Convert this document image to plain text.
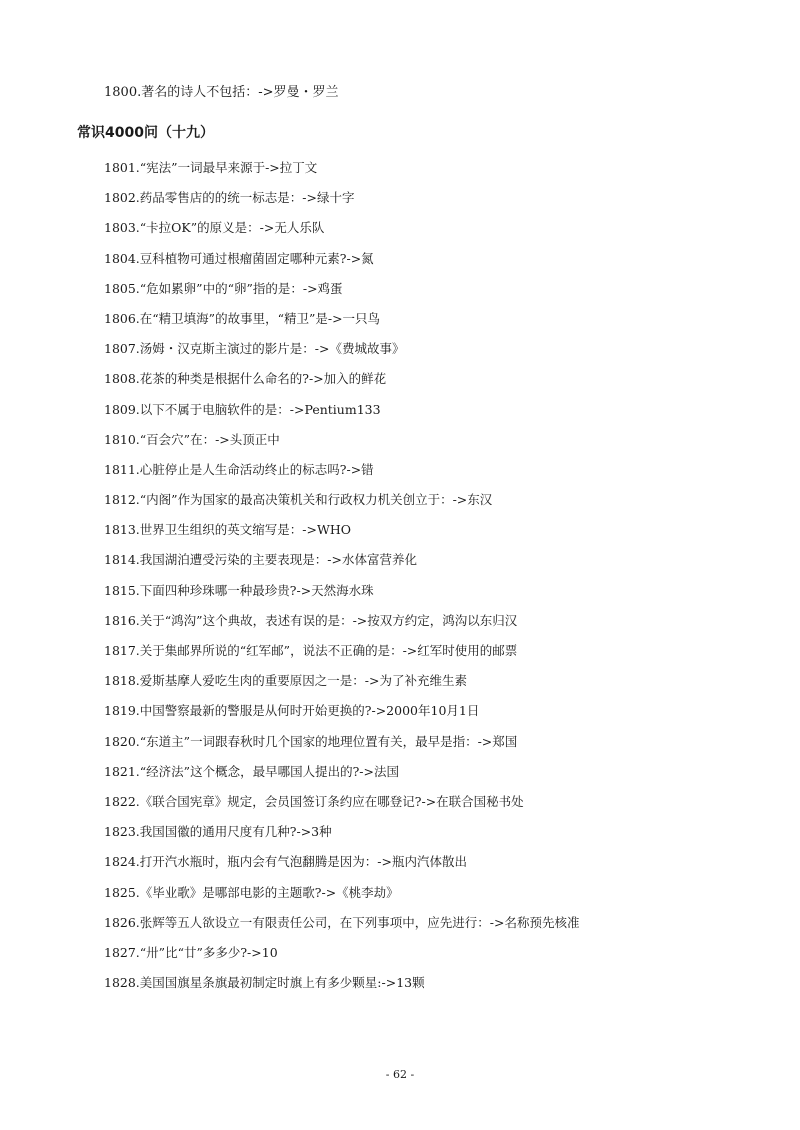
1800.著名的诗人不包括：->罗曼・罗兰
常识4000问（十九）
1801.“宪法”一词最早来源于->拉丁文
1802.药品零售店的的统一标志是：->绿十字
1803.“卡拉OK”的原义是：->无人乐队
1804.豆科植物可通过根瘤菌固定哪种元素?->氮
1805.“危如累卵”中的“卵”指的是：->鸡蛋
1806.在“精卫填海”的故事里，“精卫”是->一只鸟
1807.汤姆・汉克斯主演过的影片是：->《费城故事》
1808.花茶的种类是根据什么命名的?->加入的鲜花
1809.以下不属于电脑软件的是：->Pentium133
1810.“百会穴”在：->头顶正中
1811.心脏停止是人生命活动终止的标志吗?->错
1812.“内阁”作为国家的最高决策机关和行政权力机关创立于：->东汉
1813.世界卫生组织的英文缩写是：->WHO
1814.我国湖泊遭受污染的主要表现是：->水体富营养化
1815.下面四种珍珠哪一种最珍贵?->天然海水珠
1816.关于“鸿沟”这个典故，表述有误的是：->按双方约定，鸿沟以东归汉
1817.关于集邮界所说的“红军邮”，说法不正确的是：->红军时使用的邮票
1818.爱斯基摩人爱吃生肉的重要原因之一是：->为了补充维生素
1819.中国警察最新的警服是从何时开始更换的?->2000年10月1日
1820.“东道主”一词跟春秋时几个国家的地理位置有关，最早是指：->郑国
1821.“经济法”这个概念，最早哪国人提出的?->法国
1822.《联合国宪章》规定，会员国签订条约应在哪登记?->在联合国秘书处
1823.我国国徽的通用尺度有几种?->3种
1824.打开汽水瓶时，瓶内会有气泡翻腾是因为：->瓶内汽体散出
1825.《毕业歌》是哪部电影的主题歌?->《桃李劫》
1826.张辉等五人欲设立一有限责任公司，在下列事项中，应先进行：->名称预先核准
1827.“卅”比“廿”多多少?->10
1828.美国国旗星条旗最初制定时旗上有多少颗星:->13颗
- 62 -
